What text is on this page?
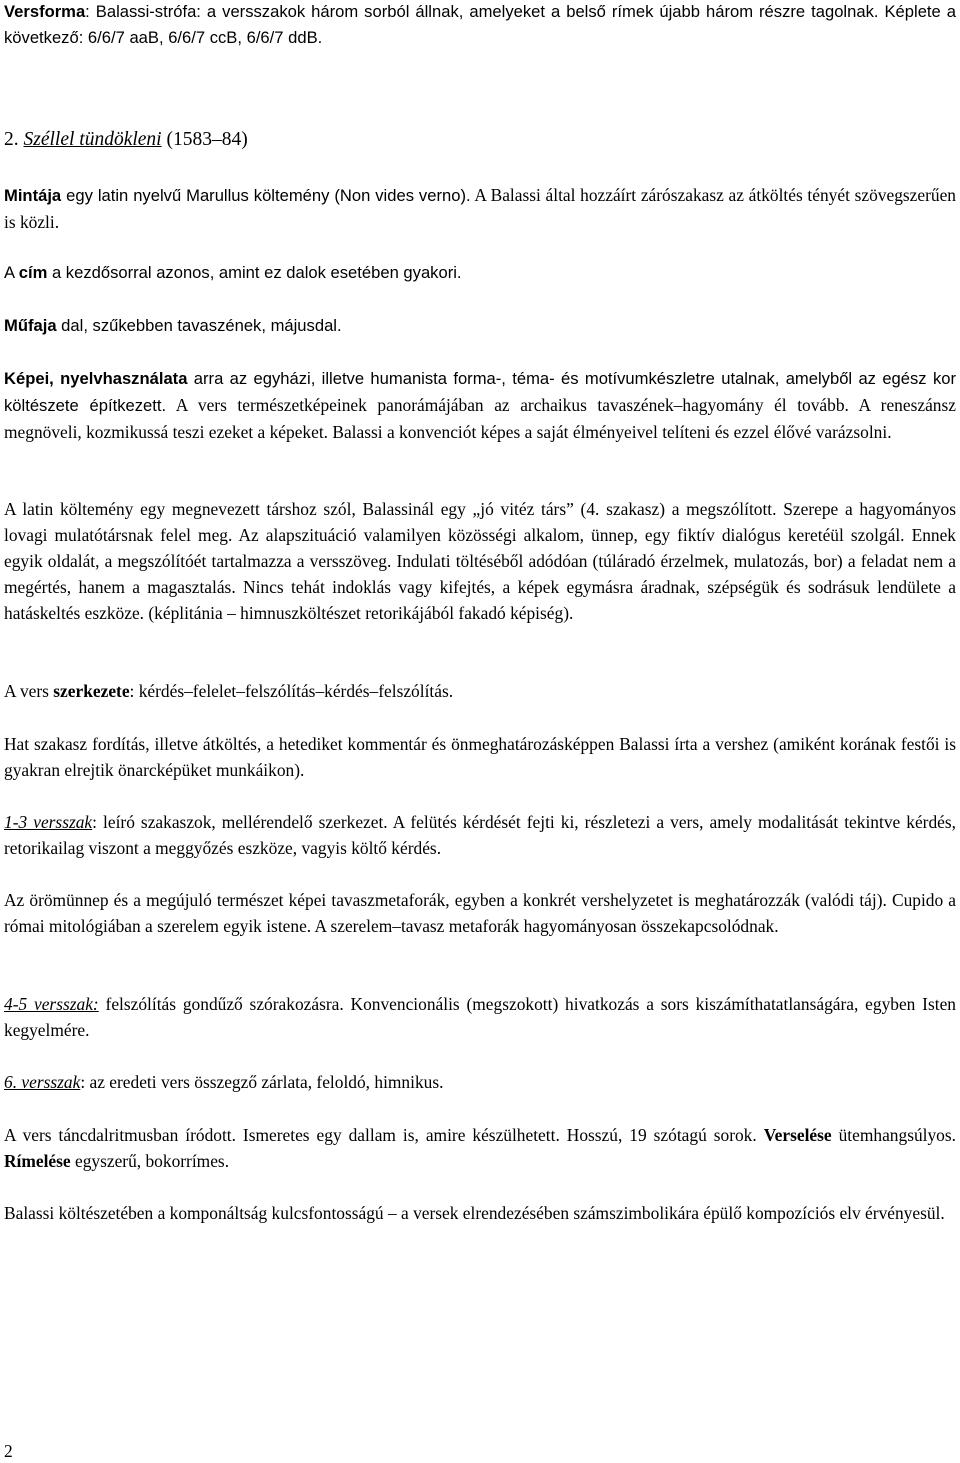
Versforma: Balassi-strófa: a versszakok három sorból állnak, amelyeket a belső rímek újabb három részre tagolnak. Képlete a következő: 6/6/7 aaB, 6/6/7 ccB, 6/6/7 ddB.

2. Széllel tündökleni (1583–84)

Mintája egy latin nyelvű Marullus költemény (Non vides verno). A Balassi által hozzáírt zárószakasz az átköltés tényét szövegszerűen is közli.

A cím a kezdősorral azonos, amint ez dalok esetében gyakori.

Műfaja dal, szűkebben tavaszének, májusdal.

Képei, nyelvhasználata arra az egyházi, illetve humanista forma-, téma- és motívumkészletre utalnak, amelyből az egész kor költészete építkezett. A vers természetképeinek panorámájában az archaikus tavaszének–hagyomány él tovább. A reneszánsz megnöveli, kozmikussá teszi ezeket a képeket. Balassi a konvenciót képes a saját élményeivel telíteni és ezzel élővé varázsolni.

A latin költemény egy megnevezett társhoz szól, Balassinál egy „jó vitéz társ” (4. szakasz) a megszólított. Szerepe a hagyományos lovagi mulatótársnak felel meg. Az alapszituáció valamilyen közösségi alkalom, ünnep, egy fiktív dialógus keretéül szolgál. Ennek egyik oldalát, a megszólítóét tartalmazza a versszöveg. Indulati töltéséből adódóan (túláradó érzelmek, mulatozás, bor) a feladat nem a megértés, hanem a magasztalás. Nincs tehát indoklás vagy kifejtés, a képek egymásra áradnak, szépségük és sodrásuk lendülete a hatáskeltés eszköze. (képlitánia – himnuszköltészet retorikájából fakadó képiség).

A vers szerkezete: kérdés–felelet–felszólítás–kérdés–felszólítás.

Hat szakasz fordítás, illetve átköltés, a hetediket kommentár és önmeghatározásképpen Balassi írta a vershez (amiként korának festői is gyakran elrejtik önarcképüket munkáikon).

1-3 versszak: leíró szakaszok, mellérendelő szerkezet. A felütés kérdését fejti ki, részletezi a vers, amely modalitását tekintve kérdés, retorikailag viszont a meggyőzés eszköze, vagyis költő kérdés.

Az örömünnep és a megújuló természet képei tavaszmetaforák, egyben a konkrét vershelyzetet is meghatározzák (valódi táj). Cupido a római mitológiában a szerelem egyik istene. A szerelem–tavasz metaforák hagyományosan összekapcsolódnak.

4-5 versszak: felszólítás gondűző szórakozásra. Konvencionális (megszokott) hivatkozás a sors kiszámíthatatlanságára, egyben Isten kegyelmére.

6. versszak: az eredeti vers összegző zárlata, feloldó, himnikus.

A vers táncdalritmusban íródott. Ismeretes egy dallam is, amire készülhetett. Hosszú, 19 szótagú sorok. Verselése ütemhangsúlyos. Rímelése egyszerű, bokorrímes.

Balassi költészetében a komponáltság kulcsfontosságú – a versek elrendezésében számszimbolikára épülő kompozíciós elv érvényesül.

2
